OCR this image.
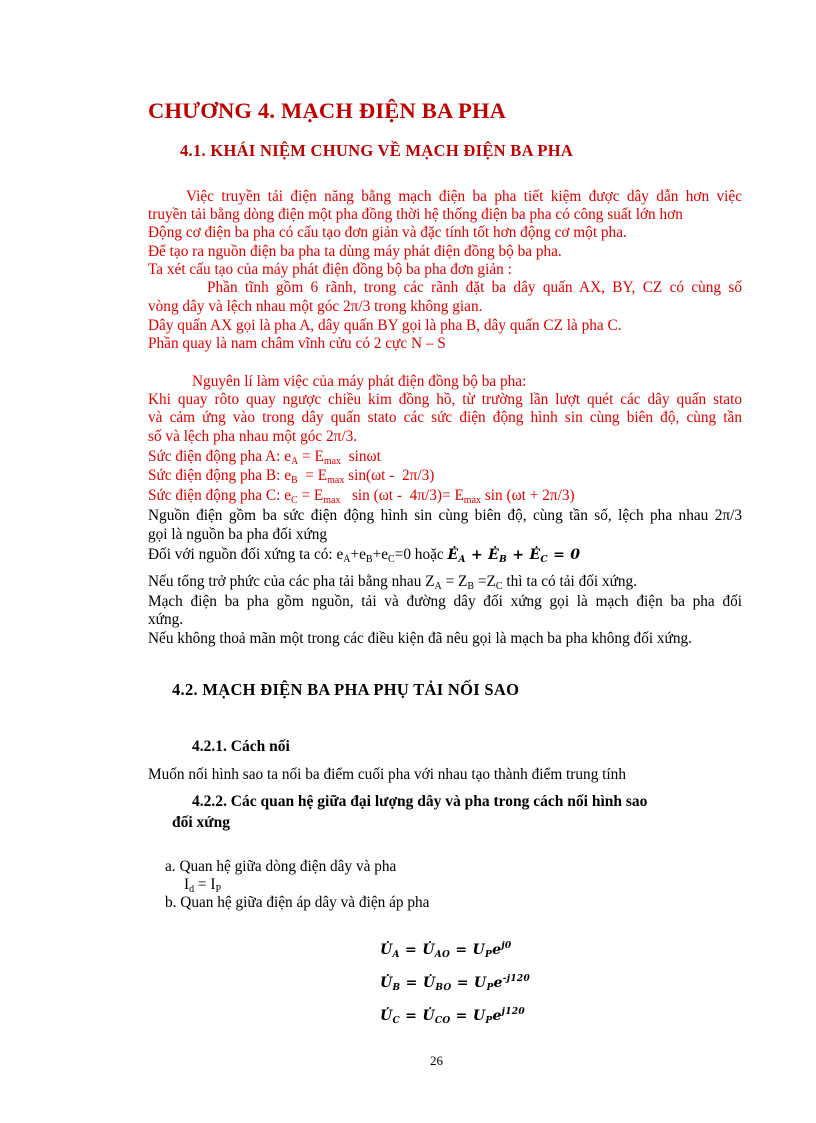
CHƯƠNG 4. MẠCH ĐIỆN BA PHA
4.1. KHÁI NIỆM CHUNG VỀ MẠCH ĐIỆN BA PHA
Việc truyền tải điện năng bằng mạch điện ba pha tiết kiệm được dây dẫn hơn việc
truyền tải bằng dòng điện một pha đồng thời hệ thống điện ba pha có công suất lớn hơn
Động cơ điện ba pha có cấu tạo đơn giản và đặc tính tốt hơn động cơ một pha.
Để tạo ra nguồn điện ba pha ta dùng máy phát điện đồng bộ ba pha.
Ta xét cấu tạo của máy phát điện đồng bộ ba pha đơn giản :
Phần tĩnh gồm 6 rãnh, trong các rãnh đặt ba dây quấn AX, BY, CZ có cùng số
vòng dây và lệch nhau một góc 2π/3 trong không gian.
Dây quấn AX gọi là pha A, dây quấn BY gọi là pha B, dây quấn CZ là pha C.
Phần quay là nam châm vĩnh cửu có 2 cực N – S
Nguyên lí làm việc của máy phát điện đồng bộ ba pha:
Khi quay rôto quay ngược chiều kim đồng hồ, từ trường lần lượt quét các dây quấn stato
và cảm ứng vào trong dây quấn stato các sức điện động hình sin cùng biên độ, cùng tần
số và lệch pha nhau một góc 2π/3.
Sức điện động pha A: $e_A = E_{max}$  sinωt
Sức điện động pha B: $e_B = E_{max}$ sin(ωt -  2π/3)
Sức điện động pha C: $e_C = E_{max}$   $\sin (\omega t - 4\pi/3)= E_{max}$ sin (ωt + 2π/3)
Nguồn điện gồm ba sức điện động hình sin cùng biên độ, cùng tần số, lệch pha nhau 2π/3
gọi là nguồn ba pha đối xứng
Đối với nguồn đối xứng ta có: $e_A+e_B+e_C=0$ hoặc $Ė_A$ + $Ė_B$ + $Ė_C = 0$
Nếu tổng trở phức của các pha tải bằng nhau $Z_A = Z_B =Z_C$ thì ta có tải đối xứng.
Mạch điện ba pha gồm nguồn, tải và đường dây đối xứng gọi là mạch điện ba pha đối
xứng.
Nếu không thoả mãn một trong các điều kiện đã nêu gọi là mạch ba pha không đối xứng.
4.2. MẠCH ĐIỆN BA PHA PHỤ TẢI NỐI SAO
4.2.1. Cách nối
Muốn nối hình sao ta nối ba điểm cuối pha với nhau tạo thành điểm trung tính
4.2.2. Các quan hệ giữa đại lượng dây và pha trong cách nối hình sao
đối xứng
a. Quan hệ giữa dòng điện dây và pha
$I_d = I_P$
b. Quan hệ giữa điện áp dây và điện áp pha
$U̇_A$ = $U̇_{AO} = U_Pe^{j0}$
$U̇_B$ = $U̇_{BO} = U_Pe^{-j120}$
$U̇_C$ = $U̇_{CO} = U_Pe^{j120}$
26
